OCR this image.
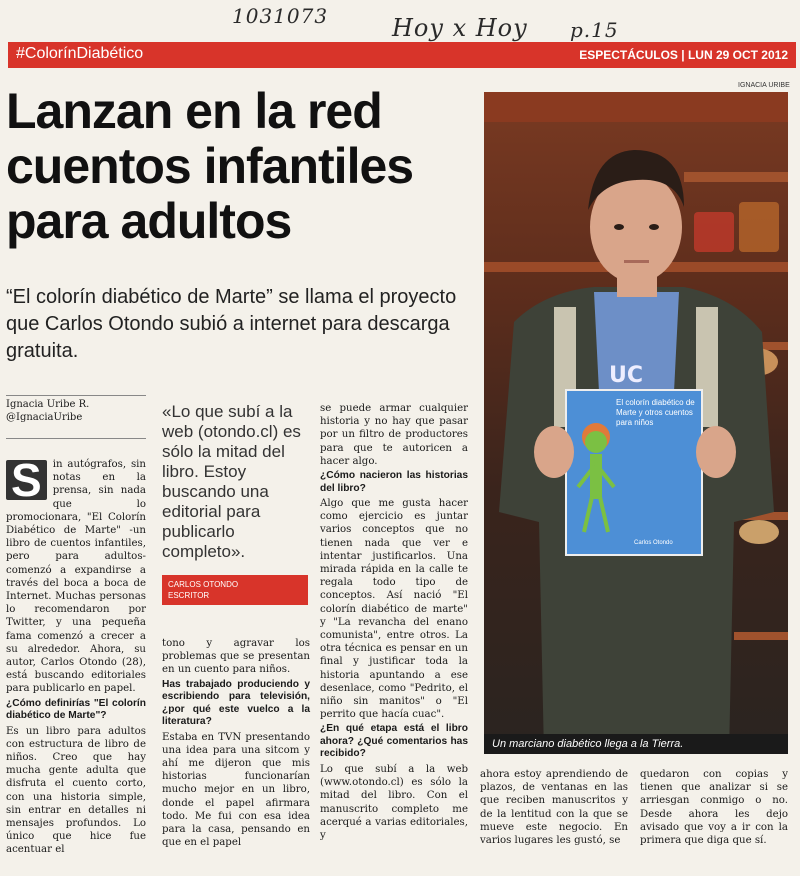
1031073	Hoy x Hoy p.15
#ColorínDiabético	ESPECTÁCULOS | LUN 29 OCT 2012
Lanzan en la red cuentos infantiles para adultos
“El colorín diabético de Marte” se llama el proyecto que Carlos Otondo subió a internet para descarga gratuita.
IGNACIA URIBE
UC
El colorín diabético de Marte y otros cuentos para niños
Carlos Otondo
Un marciano diabético llega a la Tierra.
Ignacia Uribe R.
@IgnaciaUribe	«Lo que subí a la web (otondo.cl) es sólo la mitad del libro. Estoy buscando una editorial para publicarlo completo».
CARLOS OTONDO
ESCRITOR

S	in autógrafos, sin notas en la prensa, sin nada que lo promocionara, "El Colorín Diabético de Marte" -un libro de cuentos infantiles, pero para adultos- comenzó a expandirse a través del boca a boca de Internet. Muchas personas lo recomendaron por Twitter, y una pequeña fama comenzó a crecer a su alrededor. Ahora, su autor, Carlos Otondo (28), está buscando editoriales para publicarlo en papel.

¿Cómo definirías "El colorín diabético de Marte"?

Es un libro para adultos con estructura de libro de niños. Creo que hay mucha gente adulta que disfruta el cuento corto, con una historia simple, sin entrar en detalles ni mensajes profundos. Lo único que hice fue acentuar el

tono y agravar los problemas que se presentan en un cuento para niños.

Has trabajado produciendo y escribiendo para televisión, ¿por qué este vuelco a la literatura?

Estaba en TVN presentando una idea para una sitcom y ahí me dijeron que mis historias funcionarían mucho mejor en un libro, donde el papel afirmara todo. Me fui con esa idea para la casa, pensando en que en el papel

se puede armar cualquier historia y no hay que pasar por un filtro de productores para que te autoricen a hacer algo.

¿Cómo nacieron las historias del libro?

Algo que me gusta hacer como ejercicio es juntar varios conceptos que no tienen nada que ver e intentar justificarlos. Una mirada rápida en la calle te regala todo tipo de conceptos. Así nació "El colorín diabético de marte" y "La revancha del enano comunista", entre otros. La otra técnica es pensar en un final y justificar toda la historia apuntando a ese desenlace, como "Pedrito, el niño sin manitos" o "El perrito que hacía cuac".

¿En qué etapa está el libro ahora? ¿Qué comentarios has recibido?

Lo que subí a la web (www.otondo.cl) es sólo la mitad del libro. Con el manuscrito completo me acerqué a varias editoriales, y

ahora estoy aprendiendo de plazos, de ventanas en las que reciben manuscritos y de la lentitud con la que se mueve este negocio. En varios lugares les gustó, se

quedaron con copias y tienen que analizar si se arriesgan conmigo o no. Desde ahora les dejo avisado que voy a ir con la primera que diga que sí.
